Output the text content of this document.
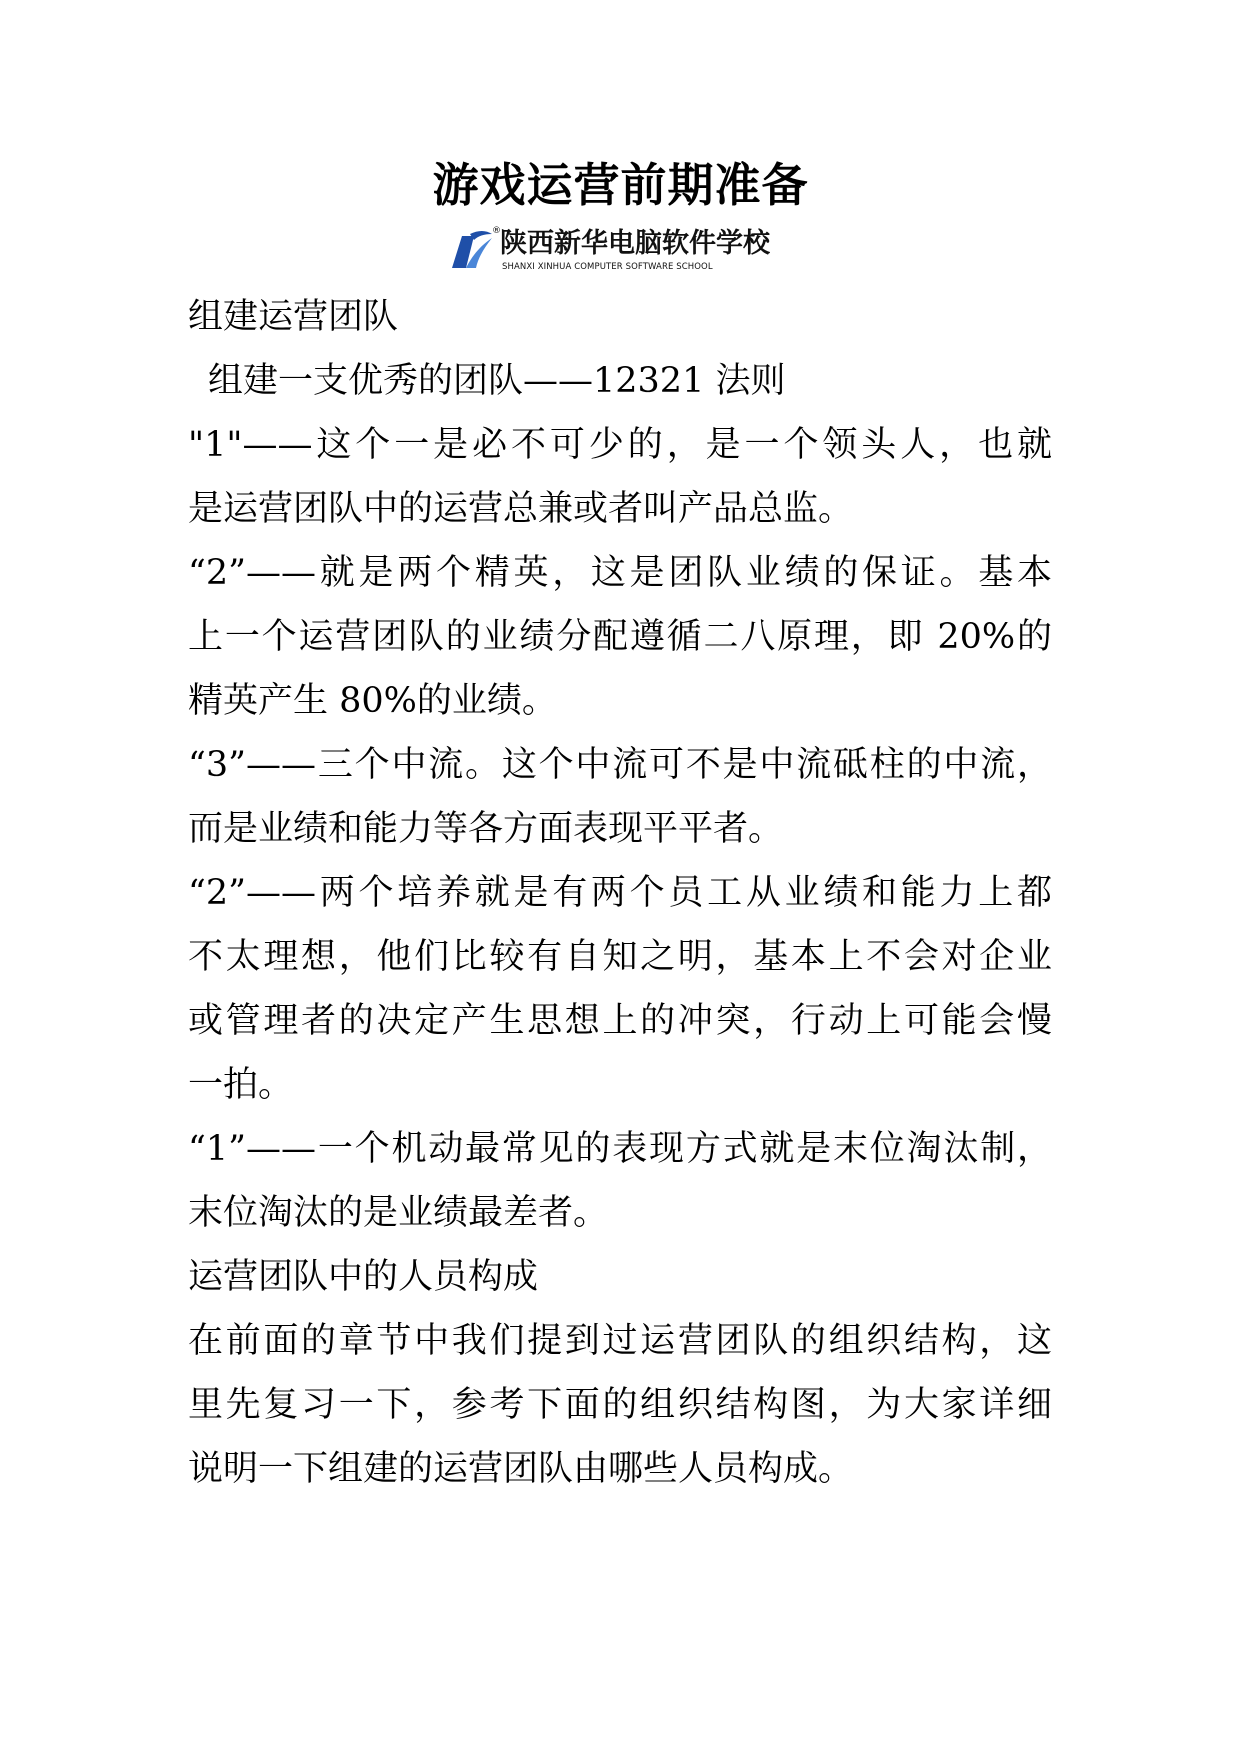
游戏运营前期准备
® 陕西新华电脑软件学校
SHANXI XINHUA COMPUTER SOFTWARE SCHOOL
组建运营团队
组建一支优秀的团队——12321 法则
"1"——这个一是必不可少的，是一个领头人，也就
是运营团队中的运营总兼或者叫产品总监。
“2”——就是两个精英，这是团队业绩的保证。基本
上一个运营团队的业绩分配遵循二八原理，即 20%的
精英产生 80%的业绩。
“3”——三个中流。这个中流可不是中流砥柱的中流，
而是业绩和能力等各方面表现平平者。
“2”——两个培养就是有两个员工从业绩和能力上都
不太理想，他们比较有自知之明，基本上不会对企业
或管理者的决定产生思想上的冲突，行动上可能会慢
一拍。
“1”——一个机动最常见的表现方式就是末位淘汰制，
末位淘汰的是业绩最差者。
运营团队中的人员构成
在前面的章节中我们提到过运营团队的组织结构，这
里先复习一下，参考下面的组织结构图，为大家详细
说明一下组建的运营团队由哪些人员构成。
